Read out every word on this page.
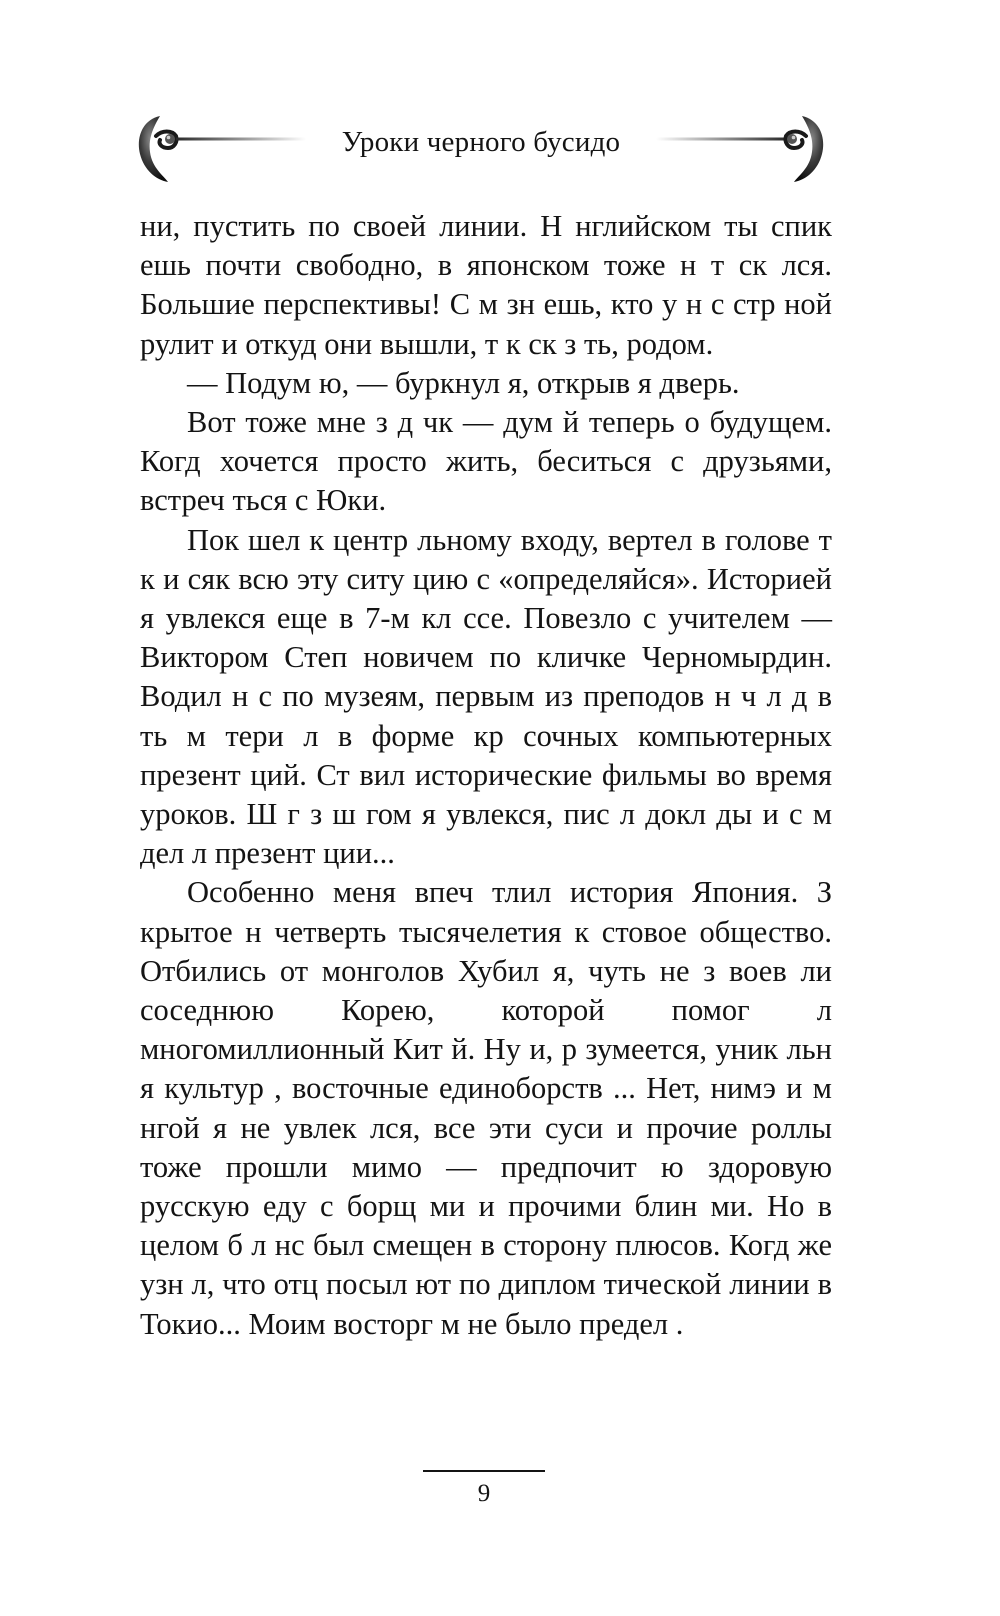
Уроки черного бусидо

ни, пустить по своей линии. Н нглийском ты спик ешь почти свободно, в японском тоже н т ск лся. Большие перспективы! С м зн ешь, кто у н с стр ной рулит и откуд они вышли, т к ск з ть, родом.

— Подум ю, — буркнул я, открыв я дверь.

Вот тоже мне з д чк — дум й теперь о будущем. Когд хочется просто жить, беситься с друзьями, встреч ться с Юки.

Пок шел к центр льному входу, вертел в голове т к и сяк всю эту ситу цию с «определяйся». Историей я увлекся еще в 7-м кл ссе. Повезло с учителем — Виктором Степ новичем по кличке Черномырдин. Водил н с по музеям, первым из преподов н ч л д в ть м тери л в форме кр сочных компьютерных презент ций. Ст вил исторические фильмы во время уроков. Ш г з ш гом я увлекся, пис л докл ды и с м дел л презент ции...

Особенно меня впеч тлил история Япония. З крытое н четверть тысячелетия к стовое общество. Отбились от монголов Хубил я, чуть не з воев ли соседнюю Корею, которой помог л многомиллионный Кит й. Ну и, р зумеется, уник льн я культур , восточные единоборств ... Нет, нимэ и м нгой я не увлек лся, все эти суси и прочие роллы тоже прошли мимо — предпочит ю здоровую русскую еду с борщ ми и прочими блин ми. Но в целом б л нс был смещен в сторону плюсов. Когд же узн л, что отц посыл ют по диплом тической линии в Токио... Моим восторг м не было предел .

9
